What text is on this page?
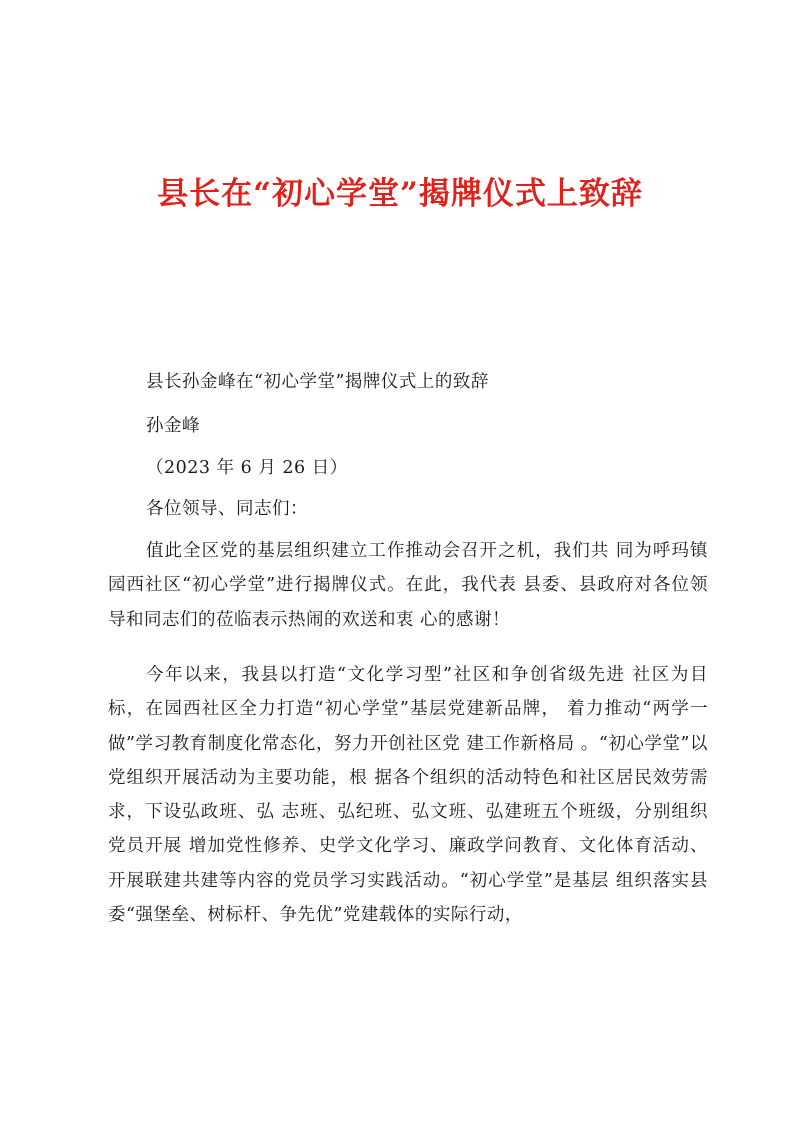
县长在“初心学堂”揭牌仪式上致辞
县长孙金峰在“初心学堂”揭牌仪式上的致辞
孙金峰
（2023 年 6 月 26 日）
各位领导、同志们：
值此全区党的基层组织建立工作推动会召开之机，我们共 同为呼玛镇园西社区“初心学堂”进行揭牌仪式。在此，我代表 县委、县政府对各位领导和同志们的莅临表示热闹的欢送和衷 心的感谢！
今年以来，我县以打造“文化学习型”社区和争创省级先进 社区为目标，在园西社区全力打造“初心学堂”基层党建新品牌， 着力推动“两学一做”学习教育制度化常态化，努力开创社区党 建工作新格局 。“初心学堂”以党组织开展活动为主要功能，根 据各个组织的活动特色和社区居民效劳需求，下设弘政班、弘 志班、弘纪班、弘文班、弘建班五个班级，分别组织党员开展 增加党性修养、史学文化学习、廉政学问教育、文化体育活动、 开展联建共建等内容的党员学习实践活动。“初心学堂”是基层 组织落实县委“强堡垒、树标杆、争先优”党建载体的实际行动，
